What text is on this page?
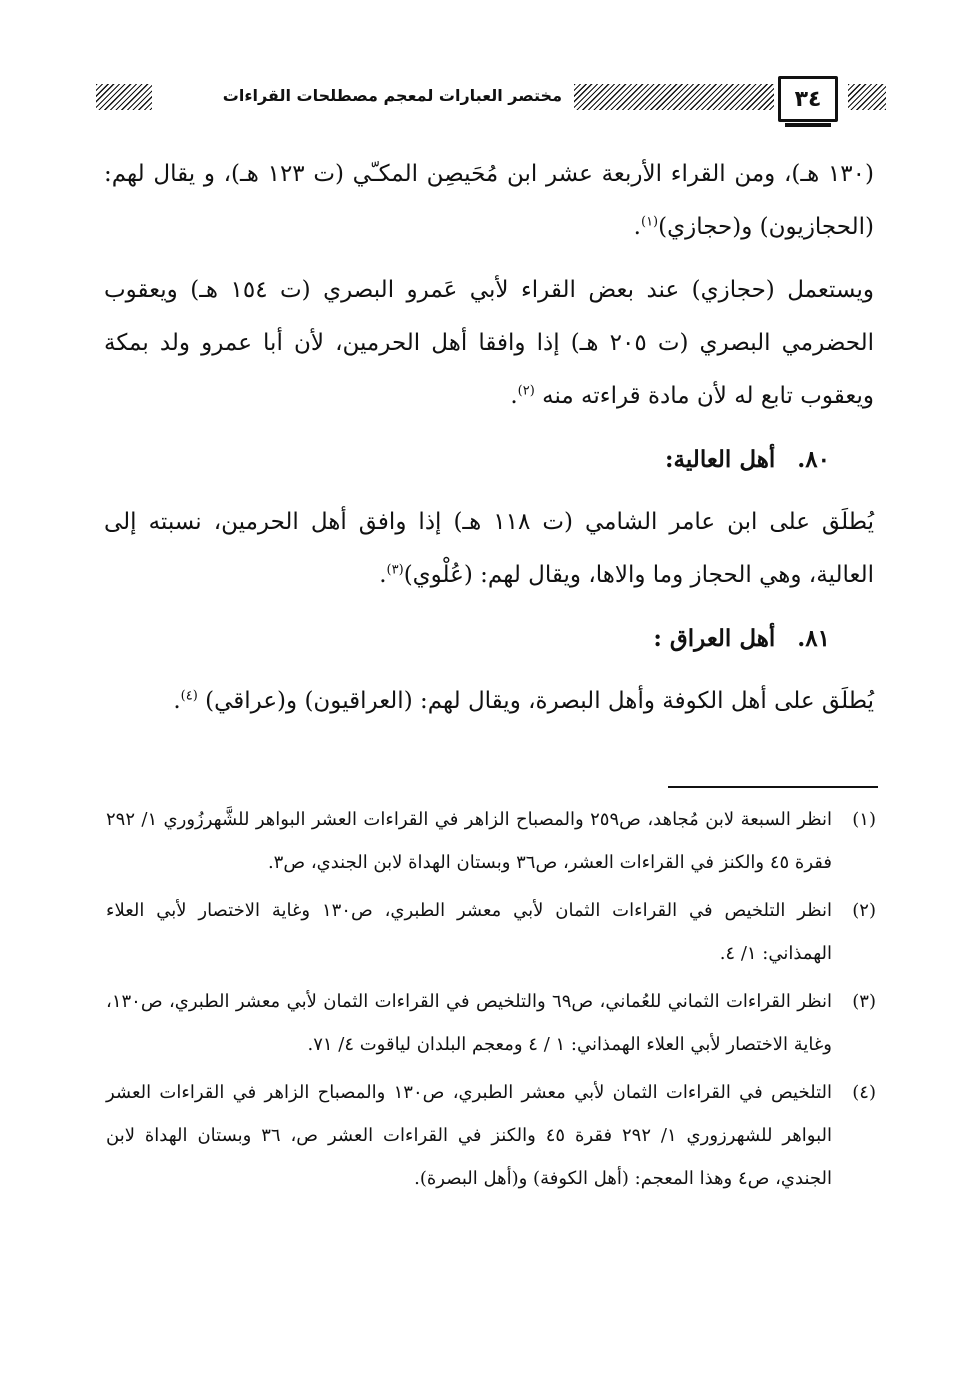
٣٤
مختصر العبارات لمعجم مصطلحات القراءات

(١٣٠ هـ)، ومن القراء الأربعة عشر ابن مُحَيصِن المكـّي (ت ١٢٣ هـ)، و يقال لهم: (الحجازيون) و(حجازي)$^{(١)}$.

ويستعمل (حجازي) عند بعض القراء لأبي عَمرو البصري (ت ١٥٤ هـ) ويعقوب الحضرمي البصري (ت ٢٠٥ هـ) إذا وافقا أهل الحرمين، لأن أبا عمرو ولد بمكة ويعقوب تابع له لأن مادة قراءته منه $^{(٢)}$.

٨٠.أهل العالية:

يُطلَق على ابن عامر الشامي (ت ١١٨ هـ) إذا وافق أهل الحرمين، نسبته إلى العالية، وهي الحجاز وما والاها، ويقال لهم: (عُلْوي)$^{(٣)}$.

٨١.أهل العراق :

يُطلَق على أهل الكوفة وأهل البصرة، ويقال لهم: (العراقيون) و(عراقي) $^{(٤)}$.

(١)
انظر السبعة لابن مُجاهد، ص٢٥٩ والمصباح الزاهر في القراءات العشر البواهر للشَّهرزُوري ١/ ٢٩٢ فقرة ٤٥ والكنز في القراءات العشر، ص٣٦ وبستان الهداة لابن الجندي، ص٣.
(٢)
انظر التلخيص في القراءات الثمان لأبي معشر الطبري، ص١٣٠ وغاية الاختصار لأبي العلاء الهمذاني: ١/ ٤.
(٣)
انظر القراءات الثماني للعُماني، ص٦٩ والتلخيص في القراءات الثمان لأبي معشر الطبري، ص١٣٠، وغاية الاختصار لأبي العلاء الهمذاني: ١ / ٤ ومعجم البلدان لياقوت ٤/ ٧١.
(٤)
التلخيص في القراءات الثمان لأبي معشر الطبري، ص١٣٠ والمصباح الزاهر في القراءات العشر البواهر للشهرزوري ١/ ٢٩٢ فقرة ٤٥ والكنز في القراءات العشر ص، ٣٦ وبستان الهداة لابن الجندي، ص٤ وهذا المعجم: (أهل الكوفة) و(أهل البصرة).
